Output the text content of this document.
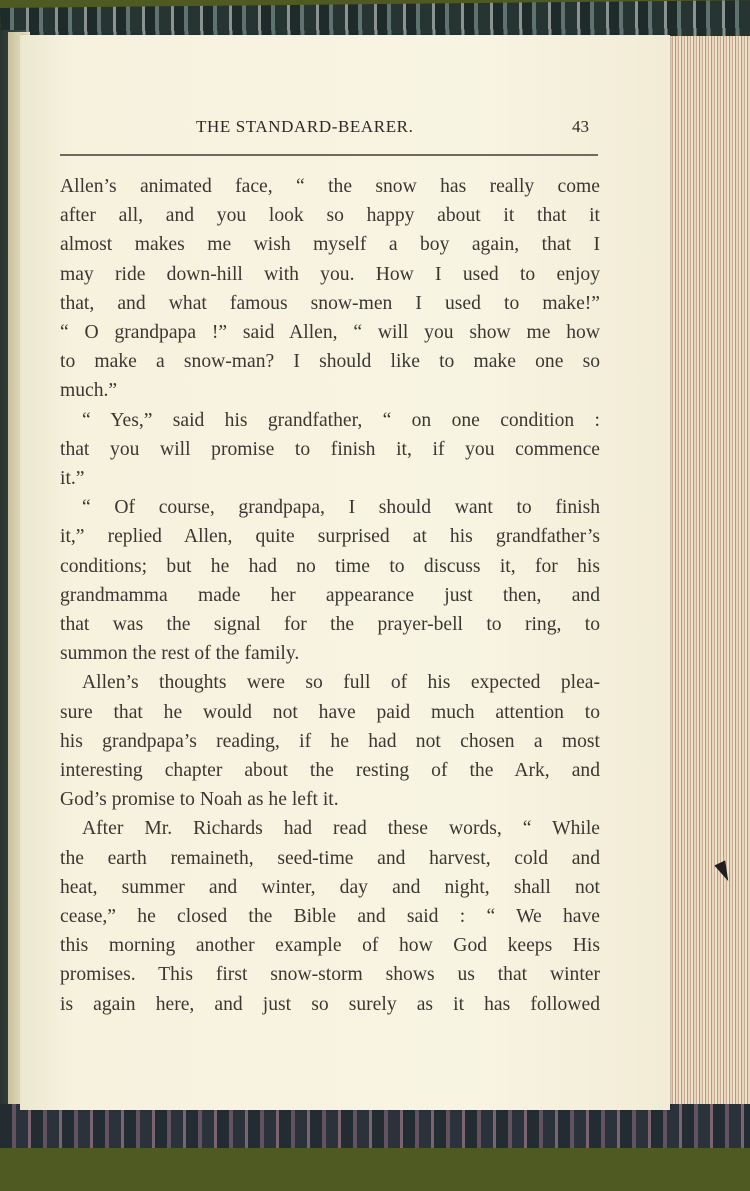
THE STANDARD-BEARER.	43
Allen’s animated face, “ the snow has really come
after all, and you look so happy about it that it
almost makes me wish myself a boy again, that I
may ride down-hill with you. How I used to enjoy
that, and what famous snow-men I used to make!”
“ O grandpapa !” said Allen, “ will you show me how
to make a snow-man? I should like to make one so
much.”
“ Yes,” said his grandfather, “ on one condition :
that you will promise to finish it, if you commence
it.”
“ Of course, grandpapa, I should want to finish
it,” replied Allen, quite surprised at his grandfather’s
conditions; but he had no time to discuss it, for his
grandmamma made her appearance just then, and
that was the signal for the prayer-bell to ring, to
summon the rest of the family.
Allen’s thoughts were so full of his expected plea-
sure that he would not have paid much attention to
his grandpapa’s reading, if he had not chosen a most
interesting chapter about the resting of the Ark, and
God’s promise to Noah as he left it.
After Mr. Richards had read these words, “ While
the earth remaineth, seed-time and harvest, cold and
heat, summer and winter, day and night, shall not
cease,” he closed the Bible and said : “ We have
this morning another example of how God keeps His
promises. This first snow-storm shows us that winter
is again here, and just so surely as it has followed
